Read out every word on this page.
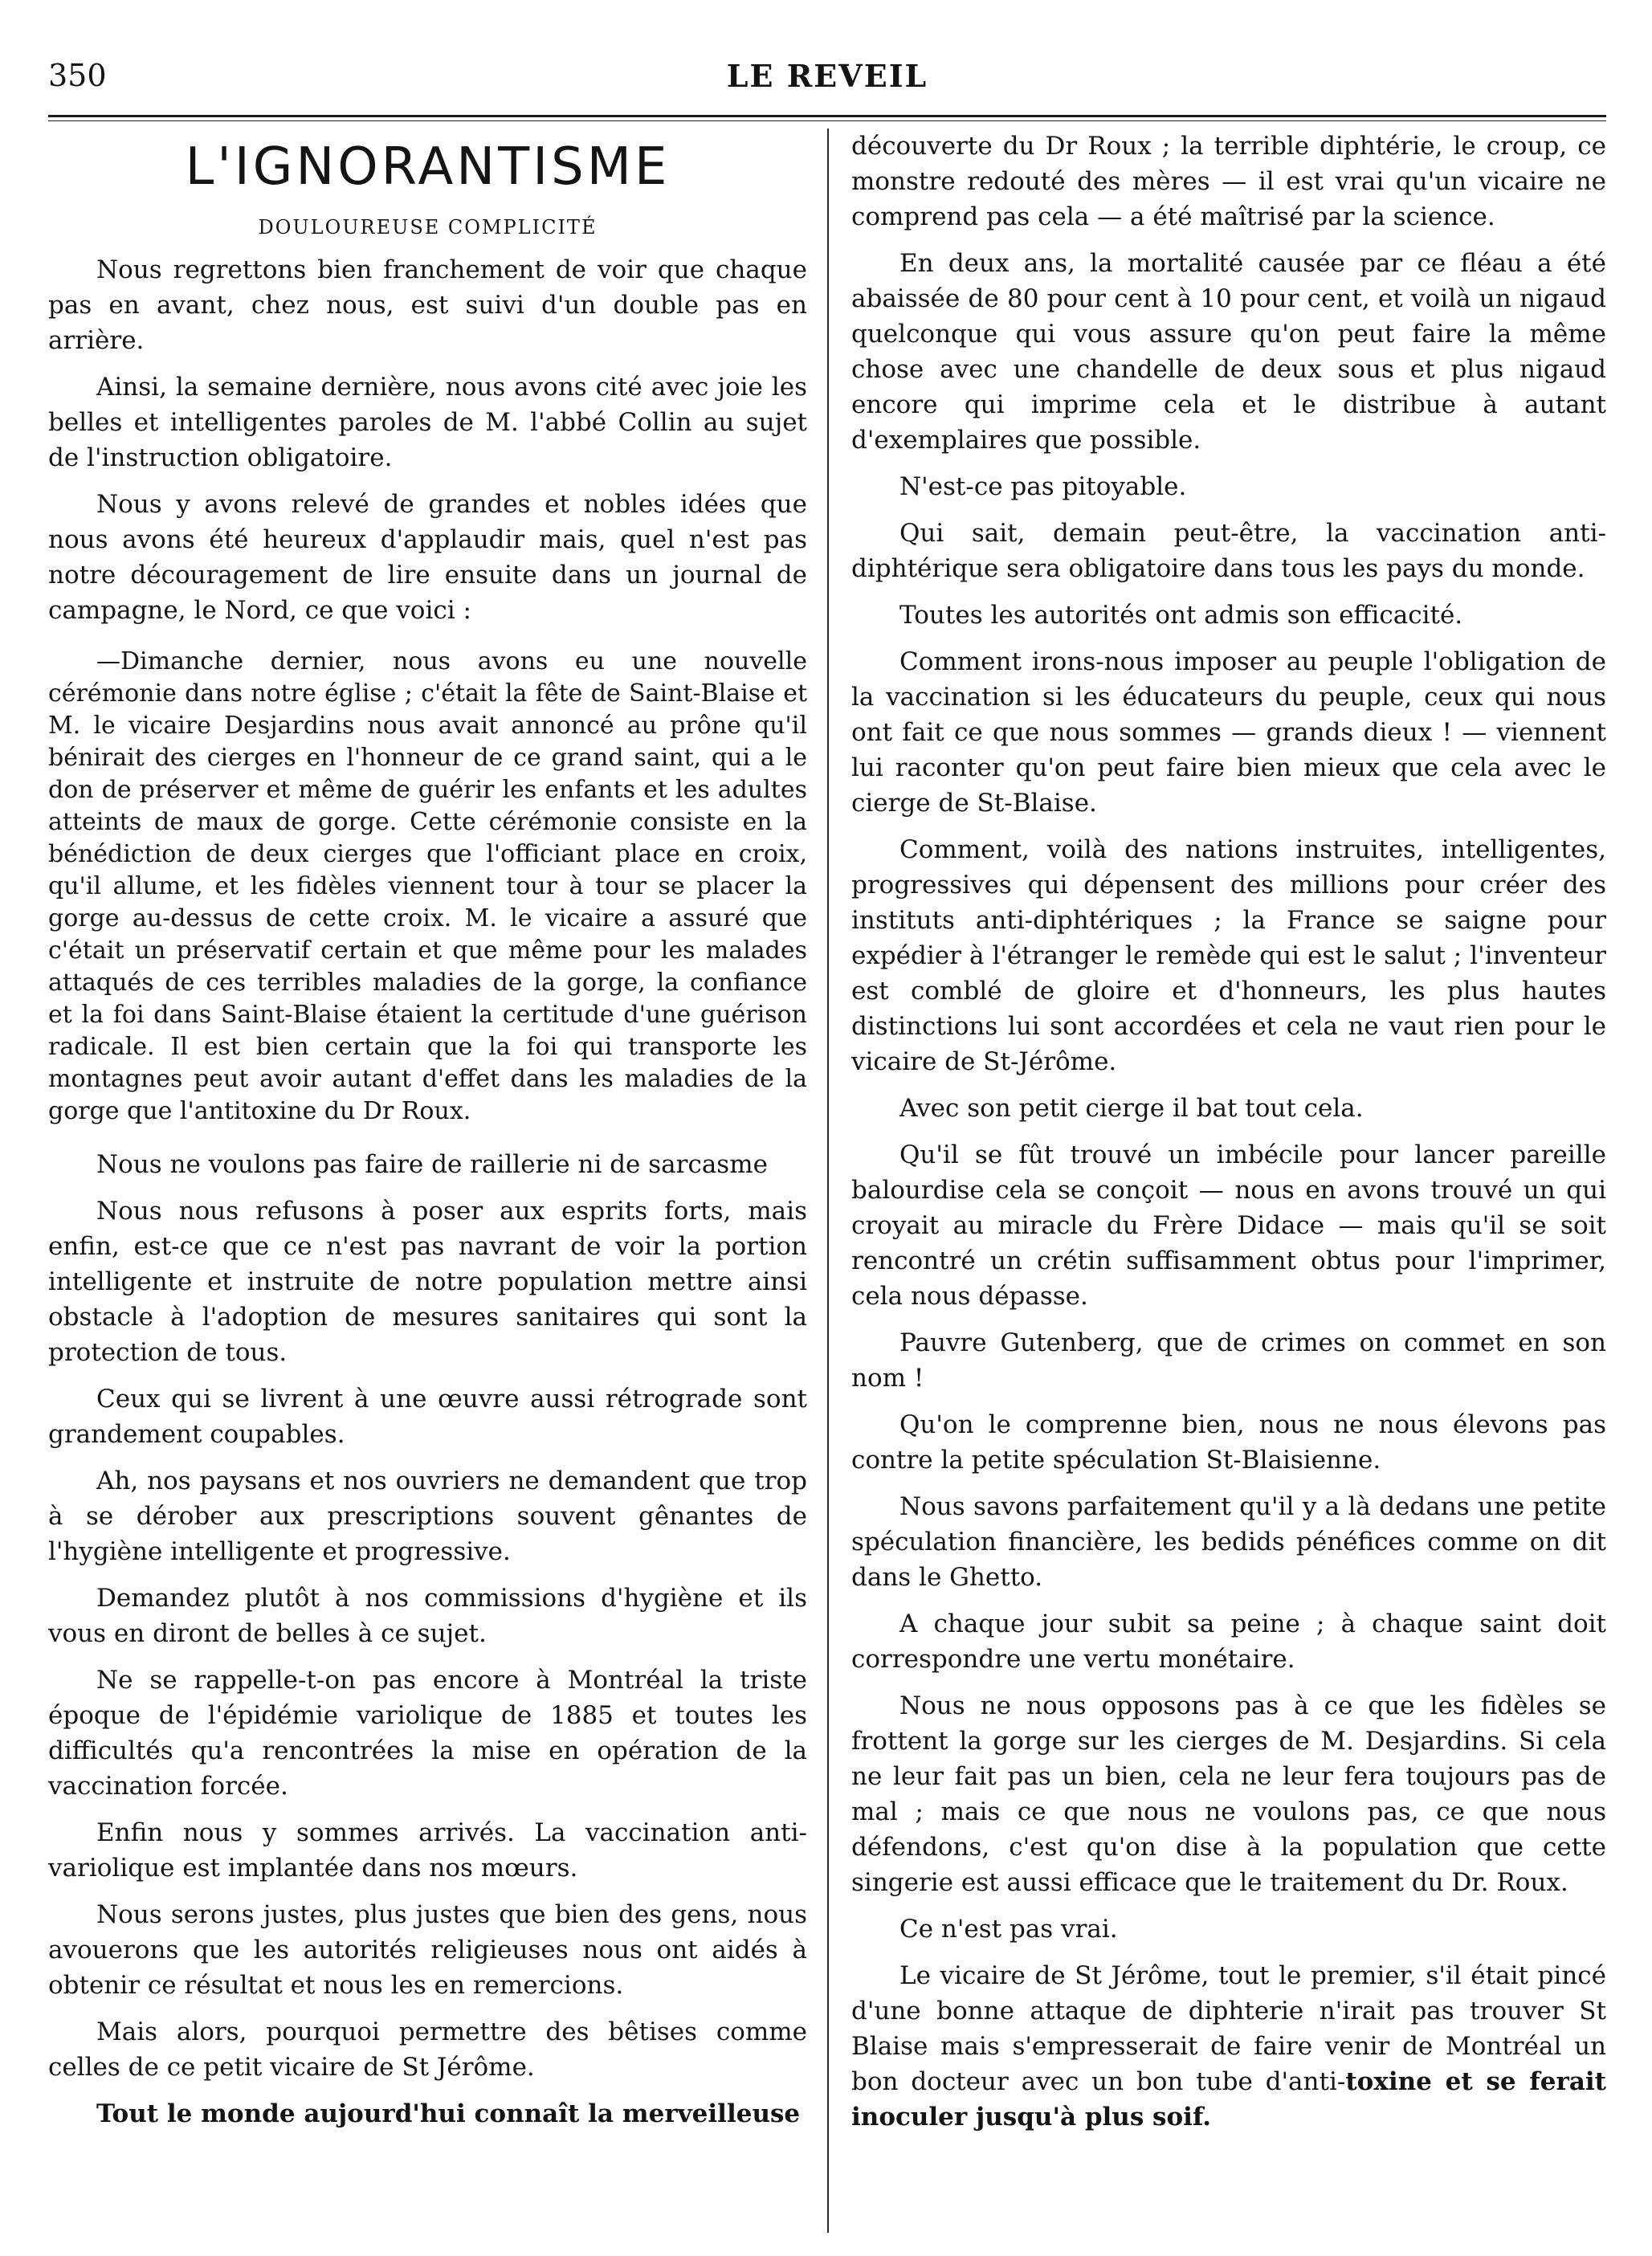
350	LE REVEIL
L'IGNORANTISME
DOULOUREUSE COMPLICITÉ

Nous regrettons bien franchement de voir que chaque pas en avant, chez nous, est suivi d'un double pas en arrière.

Ainsi, la semaine dernière, nous avons cité avec joie les belles et intelligentes paroles de M. l'abbé Collin au sujet de l'instruction obligatoire.

Nous y avons relevé de grandes et nobles idées que nous avons été heureux d'applaudir mais, quel n'est pas notre découragement de lire ensuite dans un journal de campagne, le Nord, ce que voici :

—Dimanche dernier, nous avons eu une nouvelle cérémonie dans notre église ; c'était la fête de Saint-Blaise et M. le vicaire Desjardins nous avait annoncé au prône qu'il bénirait des cierges en l'honneur de ce grand saint, qui a le don de préserver et même de guérir les enfants et les adultes atteints de maux de gorge. Cette cérémonie consiste en la bénédiction de deux cierges que l'officiant place en croix, qu'il allume, et les fidèles viennent tour à tour se placer la gorge au-dessus de cette croix. M. le vicaire a assuré que c'était un préservatif certain et que même pour les malades attaqués de ces terribles maladies de la gorge, la confiance et la foi dans Saint-Blaise étaient la certitude d'une guérison radicale. Il est bien certain que la foi qui transporte les montagnes peut avoir autant d'effet dans les maladies de la gorge que l'antitoxine du Dr Roux.

Nous ne voulons pas faire de raillerie ni de sarcasme

Nous nous refusons à poser aux esprits forts, mais enfin, est-ce que ce n'est pas navrant de voir la portion intelligente et instruite de notre population mettre ainsi obstacle à l'adoption de mesures sanitaires qui sont la protection de tous.

Ceux qui se livrent à une œuvre aussi rétrograde sont grandement coupables.

Ah, nos paysans et nos ouvriers ne demandent que trop à se dérober aux prescriptions souvent gênantes de l'hygiène intelligente et progressive.

Demandez plutôt à nos commissions d'hygiène et ils vous en diront de belles à ce sujet.

Ne se rappelle-t-on pas encore à Montréal la triste époque de l'épidémie variolique de 1885 et toutes les difficultés qu'a rencontrées la mise en opération de la vaccination forcée.

Enfin nous y sommes arrivés. La vaccination anti-variolique est implantée dans nos mœurs.

Nous serons justes, plus justes que bien des gens, nous avouerons que les autorités religieuses nous ont aidés à obtenir ce résultat et nous les en remercions.

Mais alors, pourquoi permettre des bêtises comme celles de ce petit vicaire de St Jérôme.

Tout le monde aujourd'hui connaît la merveilleuse

découverte du Dr Roux ; la terrible diphtérie, le croup, ce monstre redouté des mères — il est vrai qu'un vicaire ne comprend pas cela — a été maîtrisé par la science.

En deux ans, la mortalité causée par ce fléau a été abaissée de 80 pour cent à 10 pour cent, et voilà un nigaud quelconque qui vous assure qu'on peut faire la même chose avec une chandelle de deux sous et plus nigaud encore qui imprime cela et le distribue à autant d'exemplaires que possible.

N'est-ce pas pitoyable.

Qui sait, demain peut-être, la vaccination anti-diphtérique sera obligatoire dans tous les pays du monde.

Toutes les autorités ont admis son efficacité.

Comment irons-nous imposer au peuple l'obligation de la vaccination si les éducateurs du peuple, ceux qui nous ont fait ce que nous sommes — grands dieux ! — viennent lui raconter qu'on peut faire bien mieux que cela avec le cierge de St-Blaise.

Comment, voilà des nations instruites, intelligentes, progressives qui dépensent des millions pour créer des instituts anti-diphtériques ; la France se saigne pour expédier à l'étranger le remède qui est le salut ; l'inventeur est comblé de gloire et d'honneurs, les plus hautes distinctions lui sont accordées et cela ne vaut rien pour le vicaire de St-Jérôme.

Avec son petit cierge il bat tout cela.

Qu'il se fût trouvé un imbécile pour lancer pareille balourdise cela se conçoit — nous en avons trouvé un qui croyait au miracle du Frère Didace — mais qu'il se soit rencontré un crétin suffisamment obtus pour l'imprimer, cela nous dépasse.

Pauvre Gutenberg, que de crimes on commet en son nom !

Qu'on le comprenne bien, nous ne nous élevons pas contre la petite spéculation St-Blaisienne.

Nous savons parfaitement qu'il y a là dedans une petite spéculation financière, les bedids pénéfices comme on dit dans le Ghetto.

A chaque jour subit sa peine ; à chaque saint doit correspondre une vertu monétaire.

Nous ne nous opposons pas à ce que les fidèles se frottent la gorge sur les cierges de M. Desjardins. Si cela ne leur fait pas un bien, cela ne leur fera toujours pas de mal ; mais ce que nous ne voulons pas, ce que nous défendons, c'est qu'on dise à la population que cette singerie est aussi efficace que le traitement du Dr. Roux.

Ce n'est pas vrai.

Le vicaire de St Jérôme, tout le premier, s'il était pincé d'une bonne attaque de diphterie n'irait pas trouver St Blaise mais s'empresserait de faire venir de Montréal un bon docteur avec un bon tube d'anti-toxine et se ferait inoculer jusqu'à plus soif.
